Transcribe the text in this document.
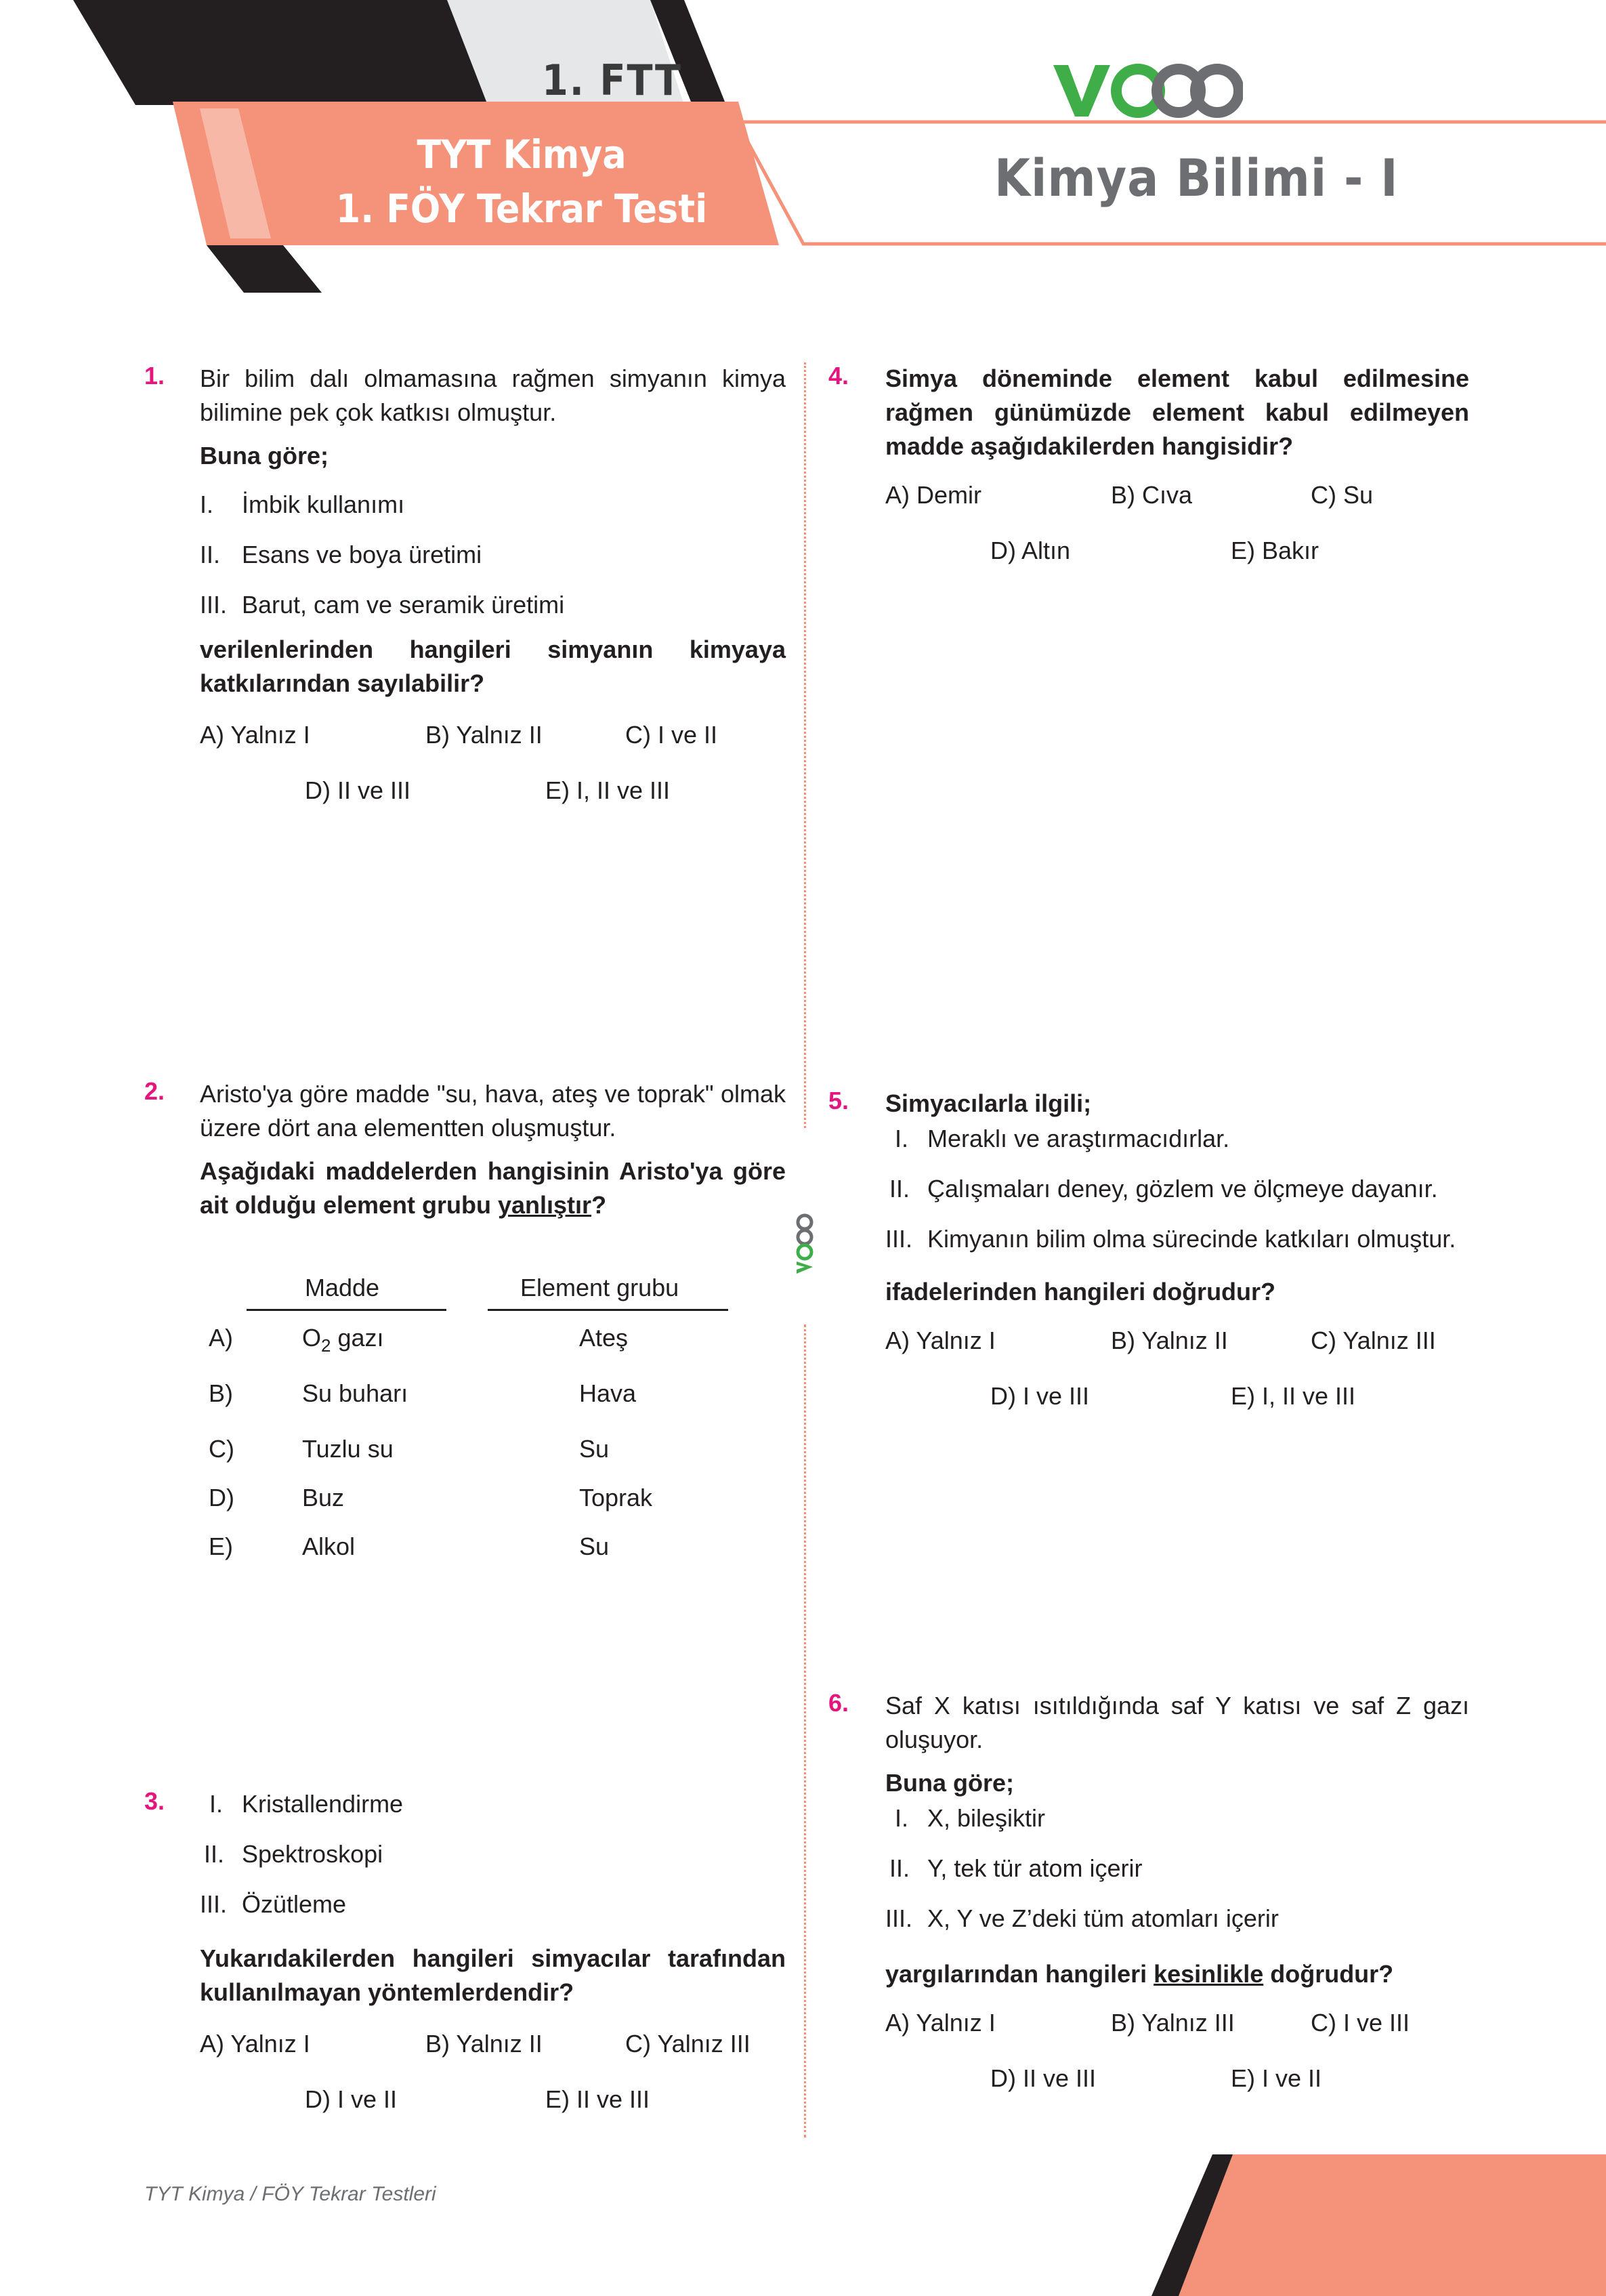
1. FTT
TYT Kimya
1. FÖY Tekrar Testi
Kimya Bilimi - I
1. Bir bilim dalı olmamasına rağmen simyanın kimya bilimine pek çok katkısı olmuştur.

Buna göre;

I. İmbik kullanımı

II. Esans ve boya üretimi

III. Barut, cam ve seramik üretimi

verilenlerinden hangileri simyanın kimyaya katkılarından sayılabilir?

A) Yalnız I	B) Yalnız II	C) I ve II
D) II ve III	E) I, II ve III
2. Aristo'ya göre madde "su, hava, ateş ve toprak" olmak üzere dört ana elementten oluşmuştur.

Aşağıdaki maddelerden hangisinin Aristo'ya göre ait olduğu element grubu yanlıştır?

Madde	Element grubu
A)	$O_2$ gazı	Ateş
B)	Su buharı	Hava
C)	Tuzlu su	Su
D)	Buz	Toprak
E)	Alkol	Su
3. I. Kristallendirme

II. Spektroskopi

III. Özütleme

Yukarıdakilerden hangileri simyacılar tarafından kullanılmayan yöntemlerdendir?

A) Yalnız I	B) Yalnız II	C) Yalnız III
D) I ve II	E) II ve III
4. Simya döneminde element kabul edilmesine rağmen günümüzde element kabul edilmeyen madde aşağıdakilerden hangisidir?

A) Demir	B) Cıva	C) Su
D) Altın	E) Bakır
5. Simyacılarla ilgili;

I. Meraklı ve araştırmacıdırlar.

II. Çalışmaları deney, gözlem ve ölçmeye dayanır.

III. Kimyanın bilim olma sürecinde katkıları olmuştur.

ifadelerinden hangileri doğrudur?

A) Yalnız I	B) Yalnız II	C) Yalnız III
D) I ve III	E) I, II ve III
6. Saf X katısı ısıtıldığında saf Y katısı ve saf Z gazı oluşuyor.

Buna göre;

I. X, bileşiktir

II. Y, tek tür atom içerir

III. X, Y ve Z’deki tüm atomları içerir

yargılarından hangileri kesinlikle doğrudur?

A) Yalnız I	B) Yalnız III	C) I ve III
D) II ve III	E) I ve II
TYT Kimya / FÖY Tekrar Testleri
